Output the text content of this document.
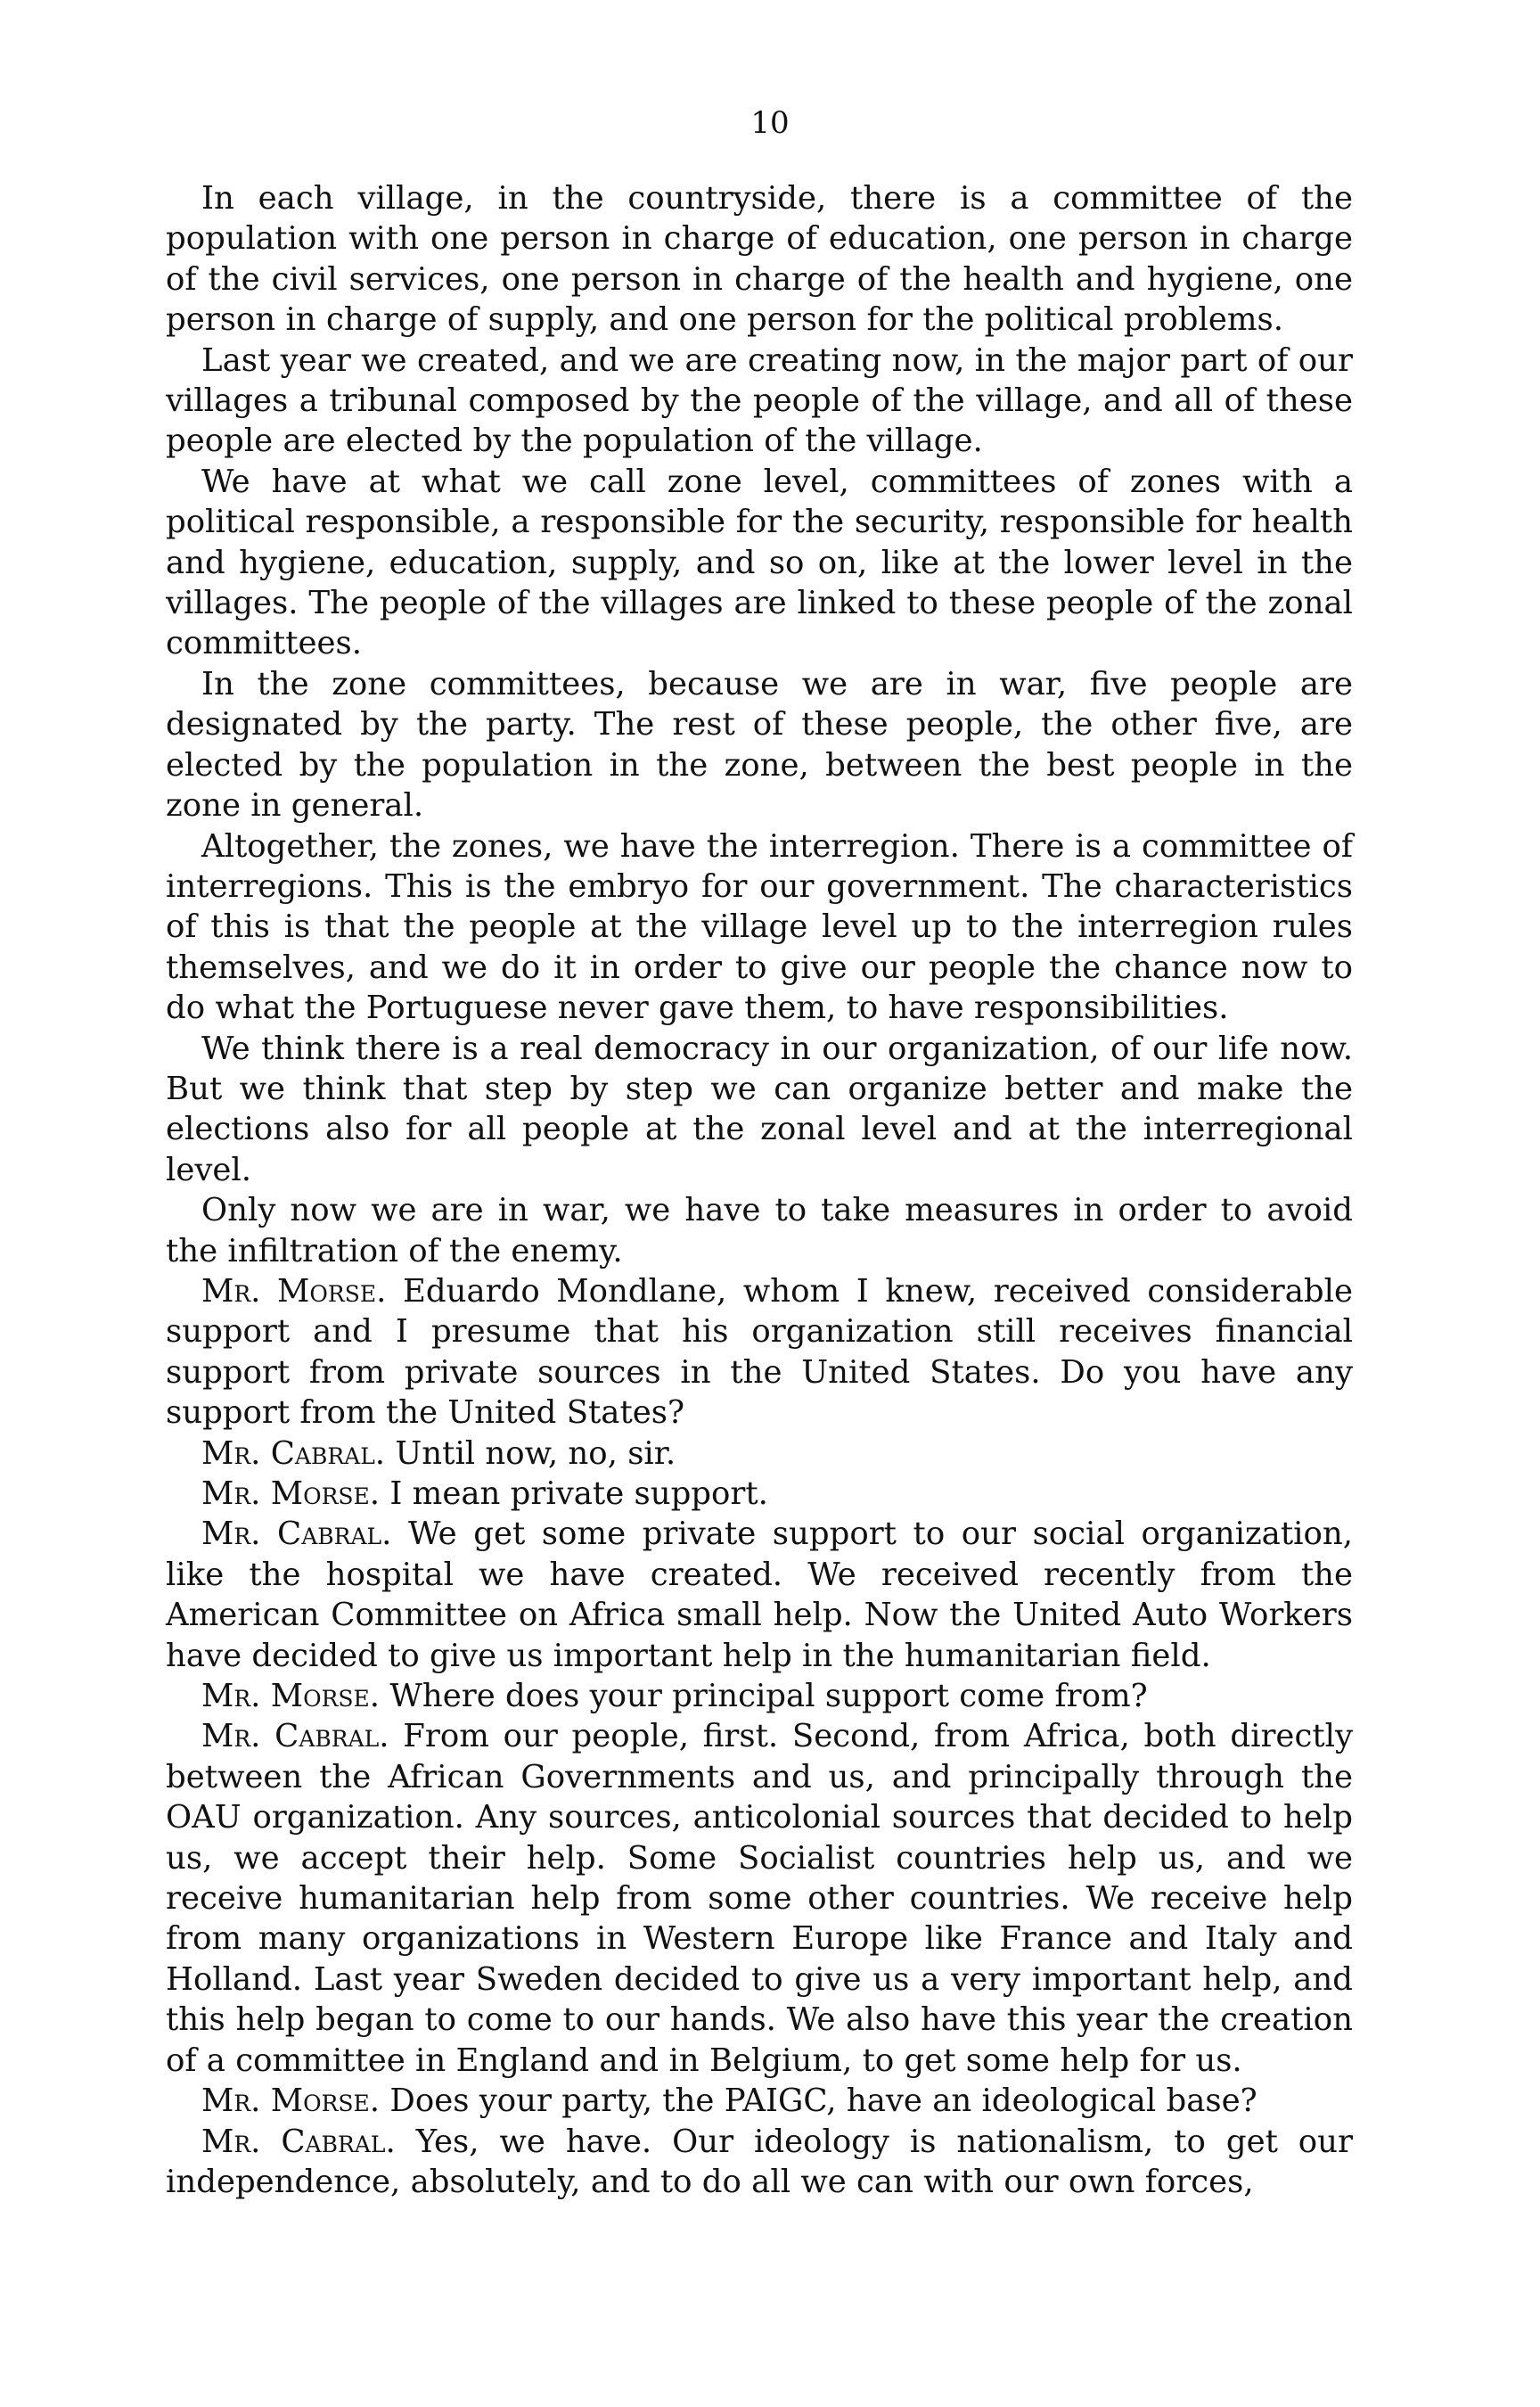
10

In each village, in the countryside, there is a committee of the population with one person in charge of education, one person in charge of the civil services, one person in charge of the health and hygiene, one person in charge of supply, and one person for the political problems.

Last year we created, and we are creating now, in the major part of our villages a tribunal composed by the people of the village, and all of these people are elected by the population of the village.

We have at what we call zone level, committees of zones with a political responsible, a responsible for the security, responsible for health and hygiene, education, supply, and so on, like at the lower level in the villages. The people of the villages are linked to these people of the zonal committees.

In the zone committees, because we are in war, five people are designated by the party. The rest of these people, the other five, are elected by the population in the zone, between the best people in the zone in general.

Altogether, the zones, we have the interregion. There is a committee of interregions. This is the embryo for our government. The characteristics of this is that the people at the village level up to the interregion rules themselves, and we do it in order to give our people the chance now to do what the Portuguese never gave them, to have responsibilities.

We think there is a real democracy in our organization, of our life now. But we think that step by step we can organize better and make the elections also for all people at the zonal level and at the interregional level.

Only now we are in war, we have to take measures in order to avoid the infiltration of the enemy.

Mr. Morse. Eduardo Mondlane, whom I knew, received considerable support and I presume that his organization still receives financial support from private sources in the United States. Do you have any support from the United States?

Mr. Cabral. Until now, no, sir.

Mr. Morse. I mean private support.

Mr. Cabral. We get some private support to our social organization, like the hospital we have created. We received recently from the American Committee on Africa small help. Now the United Auto Workers have decided to give us important help in the humanitarian field.

Mr. Morse. Where does your principal support come from?

Mr. Cabral. From our people, first. Second, from Africa, both directly between the African Governments and us, and principally through the OAU organization. Any sources, anticolonial sources that decided to help us, we accept their help. Some Socialist countries help us, and we receive humanitarian help from some other countries. We receive help from many organizations in Western Europe like France and Italy and Holland. Last year Sweden decided to give us a very important help, and this help began to come to our hands. We also have this year the creation of a committee in England and in Belgium, to get some help for us.

Mr. Morse. Does your party, the PAIGC, have an ideological base?

Mr. Cabral. Yes, we have. Our ideology is nationalism, to get our independence, absolutely, and to do all we can with our own forces,
